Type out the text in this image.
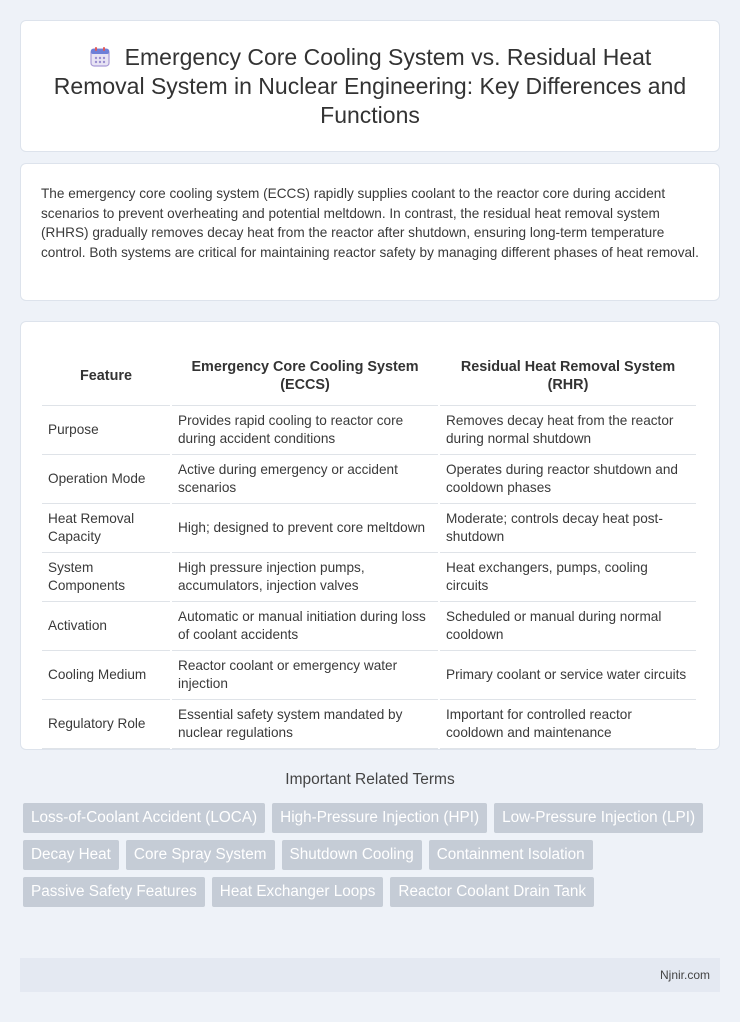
Emergency Core Cooling System vs. Residual Heat Removal System in Nuclear Engineering: Key Differences and Functions

The emergency core cooling system (ECCS) rapidly supplies coolant to the reactor core during accident scenarios to prevent overheating and potential meltdown. In contrast, the residual heat removal system (RHRS) gradually removes decay heat from the reactor after shutdown, ensuring long-term temperature control. Both systems are critical for maintaining reactor safety by managing different phases of heat removal.

Feature	Emergency Core Cooling System (ECCS)	Residual Heat Removal System (RHR)
Purpose	Provides rapid cooling to reactor core during accident conditions	Removes decay heat from the reactor during normal shutdown
Operation Mode	Active during emergency or accident scenarios	Operates during reactor shutdown and cooldown phases
Heat Removal Capacity	High; designed to prevent core meltdown	Moderate; controls decay heat post-shutdown
System Components	High pressure injection pumps, accumulators, injection valves	Heat exchangers, pumps, cooling circuits
Activation	Automatic or manual initiation during loss of coolant accidents	Scheduled or manual during normal cooldown
Cooling Medium	Reactor coolant or emergency water injection	Primary coolant or service water circuits
Regulatory Role	Essential safety system mandated by nuclear regulations	Important for controlled reactor cooldown and maintenance
Important Related Terms
Loss-of-Coolant Accident (LOCA)	High-Pressure Injection (HPI)	Low-Pressure Injection (LPI)
Decay Heat	Core Spray System	Shutdown Cooling	Containment Isolation
Passive Safety Features	Heat Exchanger Loops	Reactor Coolant Drain Tank
Njnir.com
